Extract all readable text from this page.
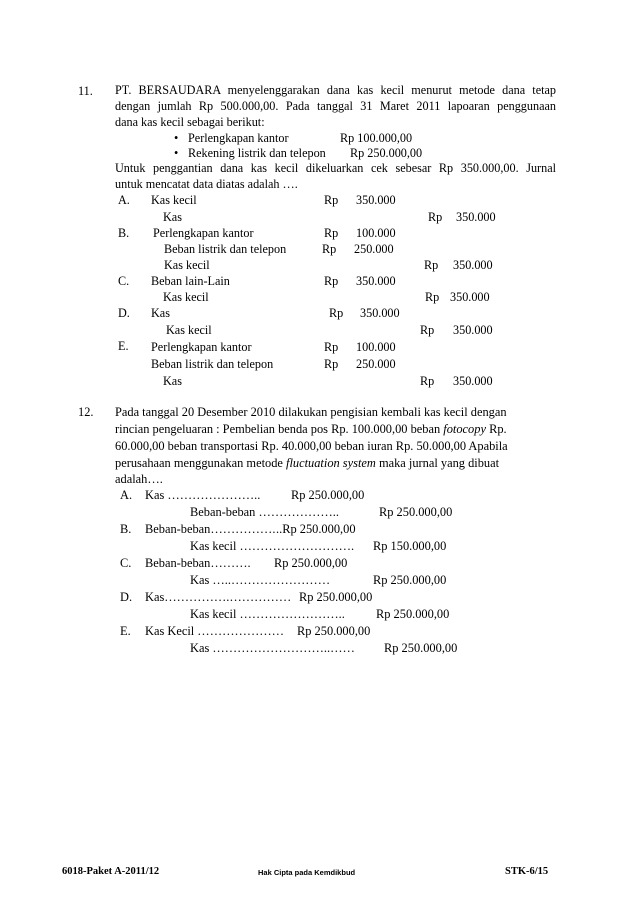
11. PT. BERSAUDARA menyelenggarakan dana kas kecil menurut metode dana tetap
dengan jumlah Rp 500.000,00. Pada tanggal 31 Maret 2011 lapoaran penggunaan
dana kas kecil sebagai berikut:
• Perlengkapan kantor	Rp 100.000,00
• Rekening listrik dan telepon Rp 250.000,00
Untuk penggantian dana kas kecil dikeluarkan cek sebesar Rp 350.000,00. Jurnal
untuk mencatat data diatas adalah ….
A. Kas kecil	Rp 350.000
Kas	Rp 350.000
B. Perlengkapan kantor	Rp 100.000
Beban listrik dan telepon	Rp 250.000
Kas kecil	Rp 350.000
C. Beban lain-Lain	Rp 350.000
Kas kecil	Rp 350.000
D. Kas	Rp 350.000
Kas kecil	Rp 350.000
E. Perlengkapan kantor	Rp 100.000
Beban listrik dan telepon	Rp 250.000
Kas	Rp 350.000
12. Pada tanggal 20 Desember 2010 dilakukan pengisian kembali kas kecil dengan
rincian pengeluaran : Pembelian benda pos Rp. 100.000,00 beban fotocopy Rp.
60.000,00 beban transportasi Rp. 40.000,00 beban iuran Rp. 50.000,00 Apabila
perusahaan menggunakan metode fluctuation system maka jurnal yang dibuat
adalah….
A. Kas ………………….. Rp 250.000,00
Beban-beban ………………..	Rp 250.000,00
B. Beban-beban……………. ..Rp 250.000,00
Kas kecil ………………………. Rp 150.000,00
C. Beban-beban………. Rp 250.000,00
Kas …..……………………	Rp 250.000,00
D. Kas…………….…………… Rp 250.000,00
Kas kecil ……………………..	Rp 250.000,00
E. Kas Kecil ………………… Rp 250.000,00
Kas ………………………..…… Rp 250.000,00
6018-Paket A-2011/12	Hak Cipta pada Kemdikbud	STK-6/15
